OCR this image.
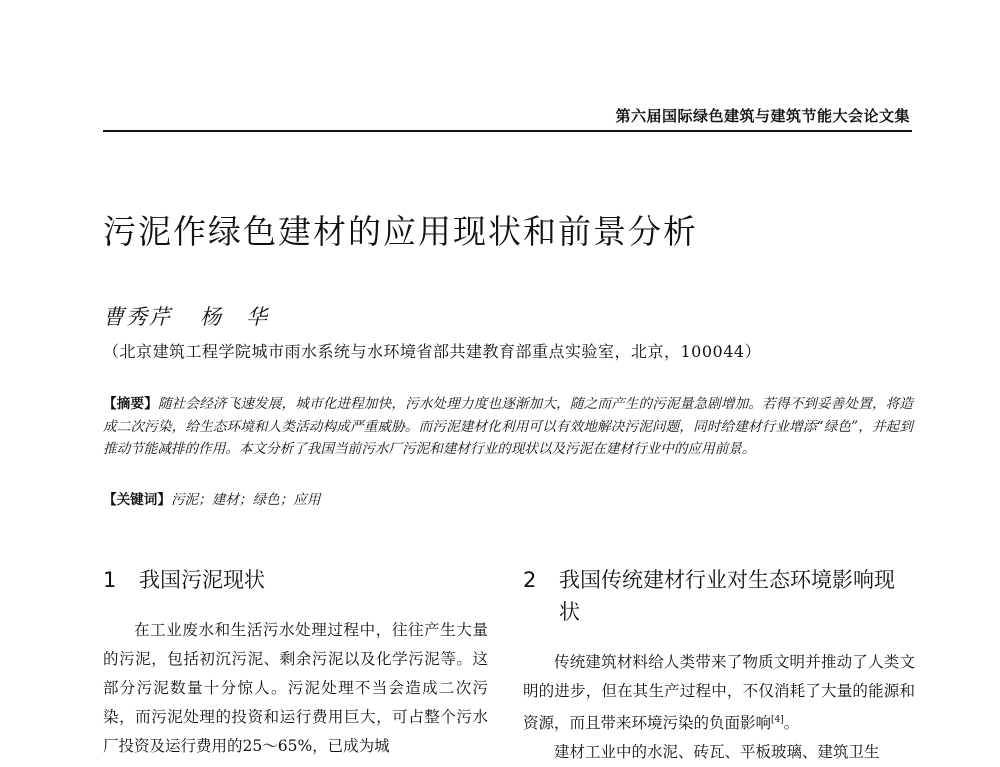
第六届国际绿色建筑与建筑节能大会论文集
污泥作绿色建材的应用现状和前景分析
曹秀芹 杨　华
（北京建筑工程学院城市雨水系统与水环境省部共建教育部重点实验室，北京，100044）
【摘要】随社会经济飞速发展，城市化进程加快，污水处理力度也逐渐加大，随之而产生的污泥量急剧增加。若得不到妥善处置，将造成二次污染，给生态环境和人类活动构成严重威胁。而污泥建材化利用可以有效地解决污泥问题，同时给建材行业增添“绿色”，并起到推动节能减排的作用。本文分析了我国当前污水厂污泥和建材行业的现状以及污泥在建材行业中的应用前景。
【关键词】污泥；建材；绿色；应用
1	我国污泥现状

在工业废水和生活污水处理过程中，往往产生大量的污泥，包括初沉污泥、剩余污泥以及化学污泥等。这部分污泥数量十分惊人。污泥处理不当会造成二次污染，而污泥处理的投资和运行费用巨大，可占整个污水厂投资及运行费用的25～65%，已成为城

2	我国传统建材行业对生态环境影响现状

传统建筑材料给人类带来了物质文明并推动了人类文明的进步，但在其生产过程中，不仅消耗了大量的能源和资源，而且带来环境污染的负面影响[4]。

建材工业中的水泥、砖瓦、平板玻璃、建筑卫生
